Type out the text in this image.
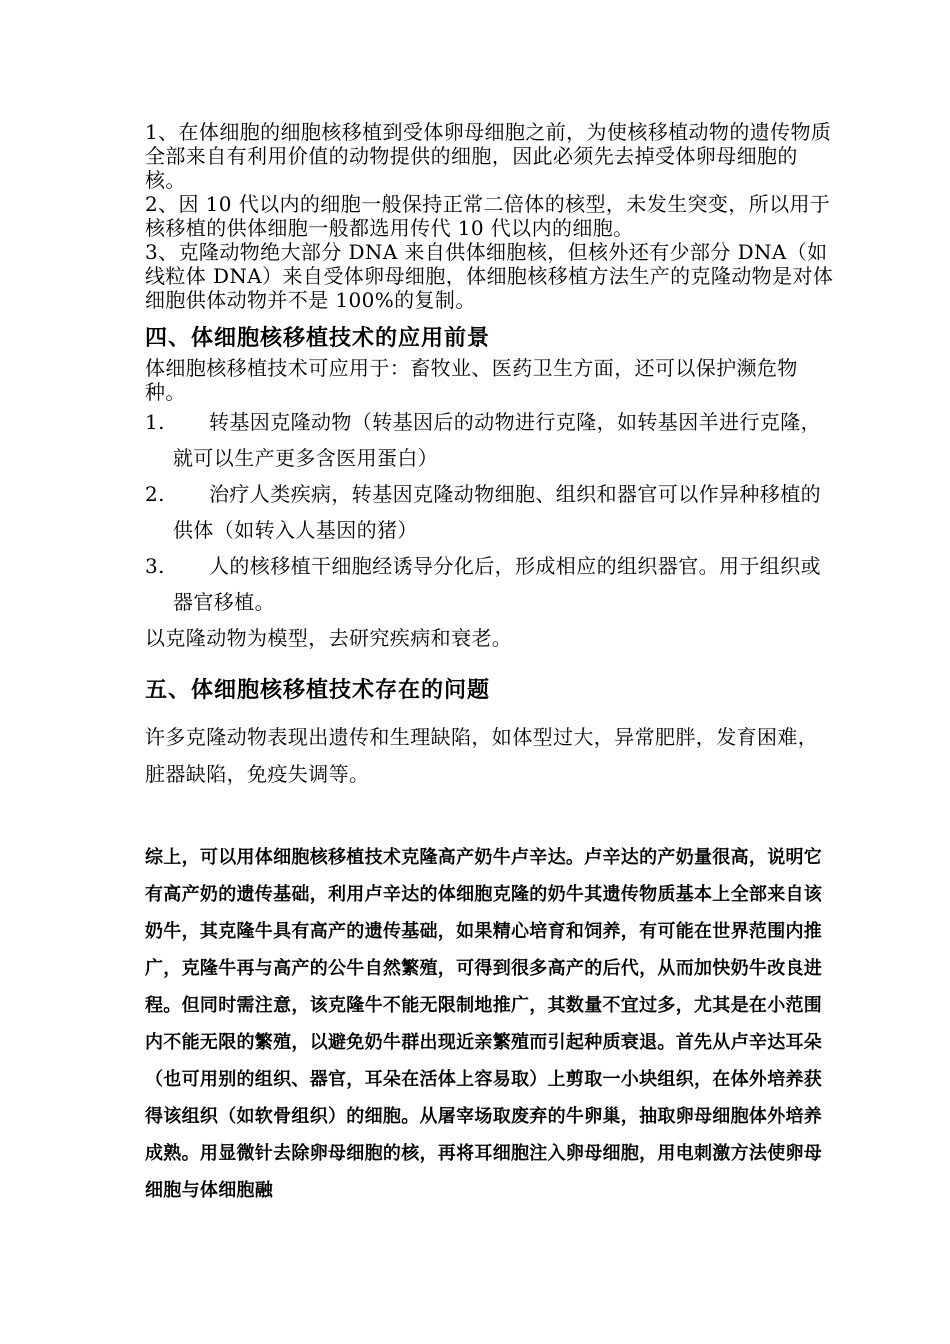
1、在体细胞的细胞核移植到受体卵母细胞之前，为使核移植动物的遗传物质全部来自有利用价值的动物提供的细胞，因此必须先去掉受体卵母细胞的核。

2、因 10 代以内的细胞一般保持正常二倍体的核型，未发生突变，所以用于核移植的供体细胞一般都选用传代 10 代以内的细胞。

3、克隆动物绝大部分 DNA 来自供体细胞核，但核外还有少部分 DNA（如线粒体 DNA）来自受体卵母细胞，体细胞核移植方法生产的克隆动物是对体细胞供体动物并不是 100%的复制。

四、体细胞核移植技术的应用前景

体细胞核移植技术可应用于：畜牧业、医药卫生方面，还可以保护濒危物种。

1.	转基因克隆动物（转基因后的动物进行克隆，如转基因羊进行克隆，就可以生产更多含医用蛋白）
2.	治疗人类疾病，转基因克隆动物细胞、组织和器官可以作异种移植的供体（如转入人基因的猪）
3.	人的核移植干细胞经诱导分化后，形成相应的组织器官。用于组织或器官移植。

以克隆动物为模型，去研究疾病和衰老。

五、体细胞核移植技术存在的问题

许多克隆动物表现出遗传和生理缺陷，如体型过大，异常肥胖，发育困难，脏器缺陷，免疫失调等。

综上，可以用体细胞核移植技术克隆高产奶牛卢辛达。卢辛达的产奶量很高，说明它有高产奶的遗传基础，利用卢辛达的体细胞克隆的奶牛其遗传物质基本上全部来自该奶牛，其克隆牛具有高产的遗传基础，如果精心培育和饲养，有可能在世界范围内推广，克隆牛再与高产的公牛自然繁殖，可得到很多高产的后代，从而加快奶牛改良进程。但同时需注意，该克隆牛不能无限制地推广，其数量不宜过多，尤其是在小范围内不能无限的繁殖，以避免奶牛群出现近亲繁殖而引起种质衰退。首先从卢辛达耳朵（也可用别的组织、器官，耳朵在活体上容易取）上剪取一小块组织，在体外培养获得该组织（如软骨组织）的细胞。从屠宰场取废弃的牛卵巢，抽取卵母细胞体外培养成熟。用显微针去除卵母细胞的核，再将耳细胞注入卵母细胞，用电刺激方法使卵母细胞与体细胞融
